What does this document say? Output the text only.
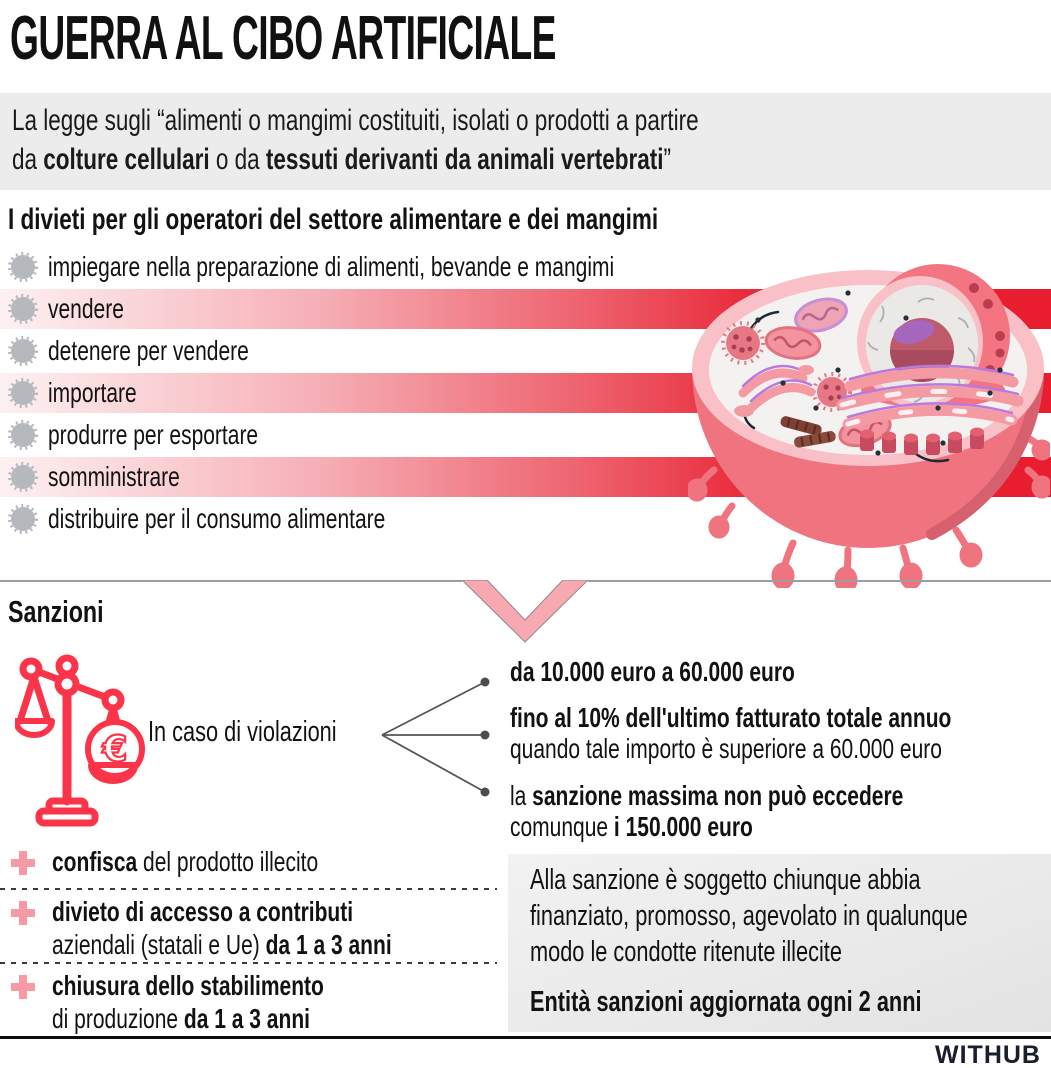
GUERRA AL CIBO ARTIFICIALE
La legge sugli “alimenti o mangimi costituiti, isolati o prodotti a partire
da colture cellulari o da tessuti derivanti da animali vertebrati”
I divieti per gli operatori del settore alimentare e dei mangimi
impiegare nella preparazione di alimenti, bevande e mangimi
vendere
detenere per vendere
importare
produrre per esportare
somministrare
distribuire per il consumo alimentare
Sanzioni
€ In caso di violazioni
da 10.000 euro a 60.000 euro
fino al 10% dell'ultimo fatturato totale annuo
quando tale importo è superiore a 60.000 euro
la sanzione massima non può eccedere
comunque i 150.000 euro
confisca del prodotto illecito
divieto di accesso a contributi
aziendali (statali e Ue) da 1 a 3 anni
chiusura dello stabilimento
di produzione da 1 a 3 anni
Alla sanzione è soggetto chiunque abbia
finanziato, promosso, agevolato in qualunque
modo le condotte ritenute illecite
Entità sanzioni aggiornata ogni 2 anni
WITHUB
